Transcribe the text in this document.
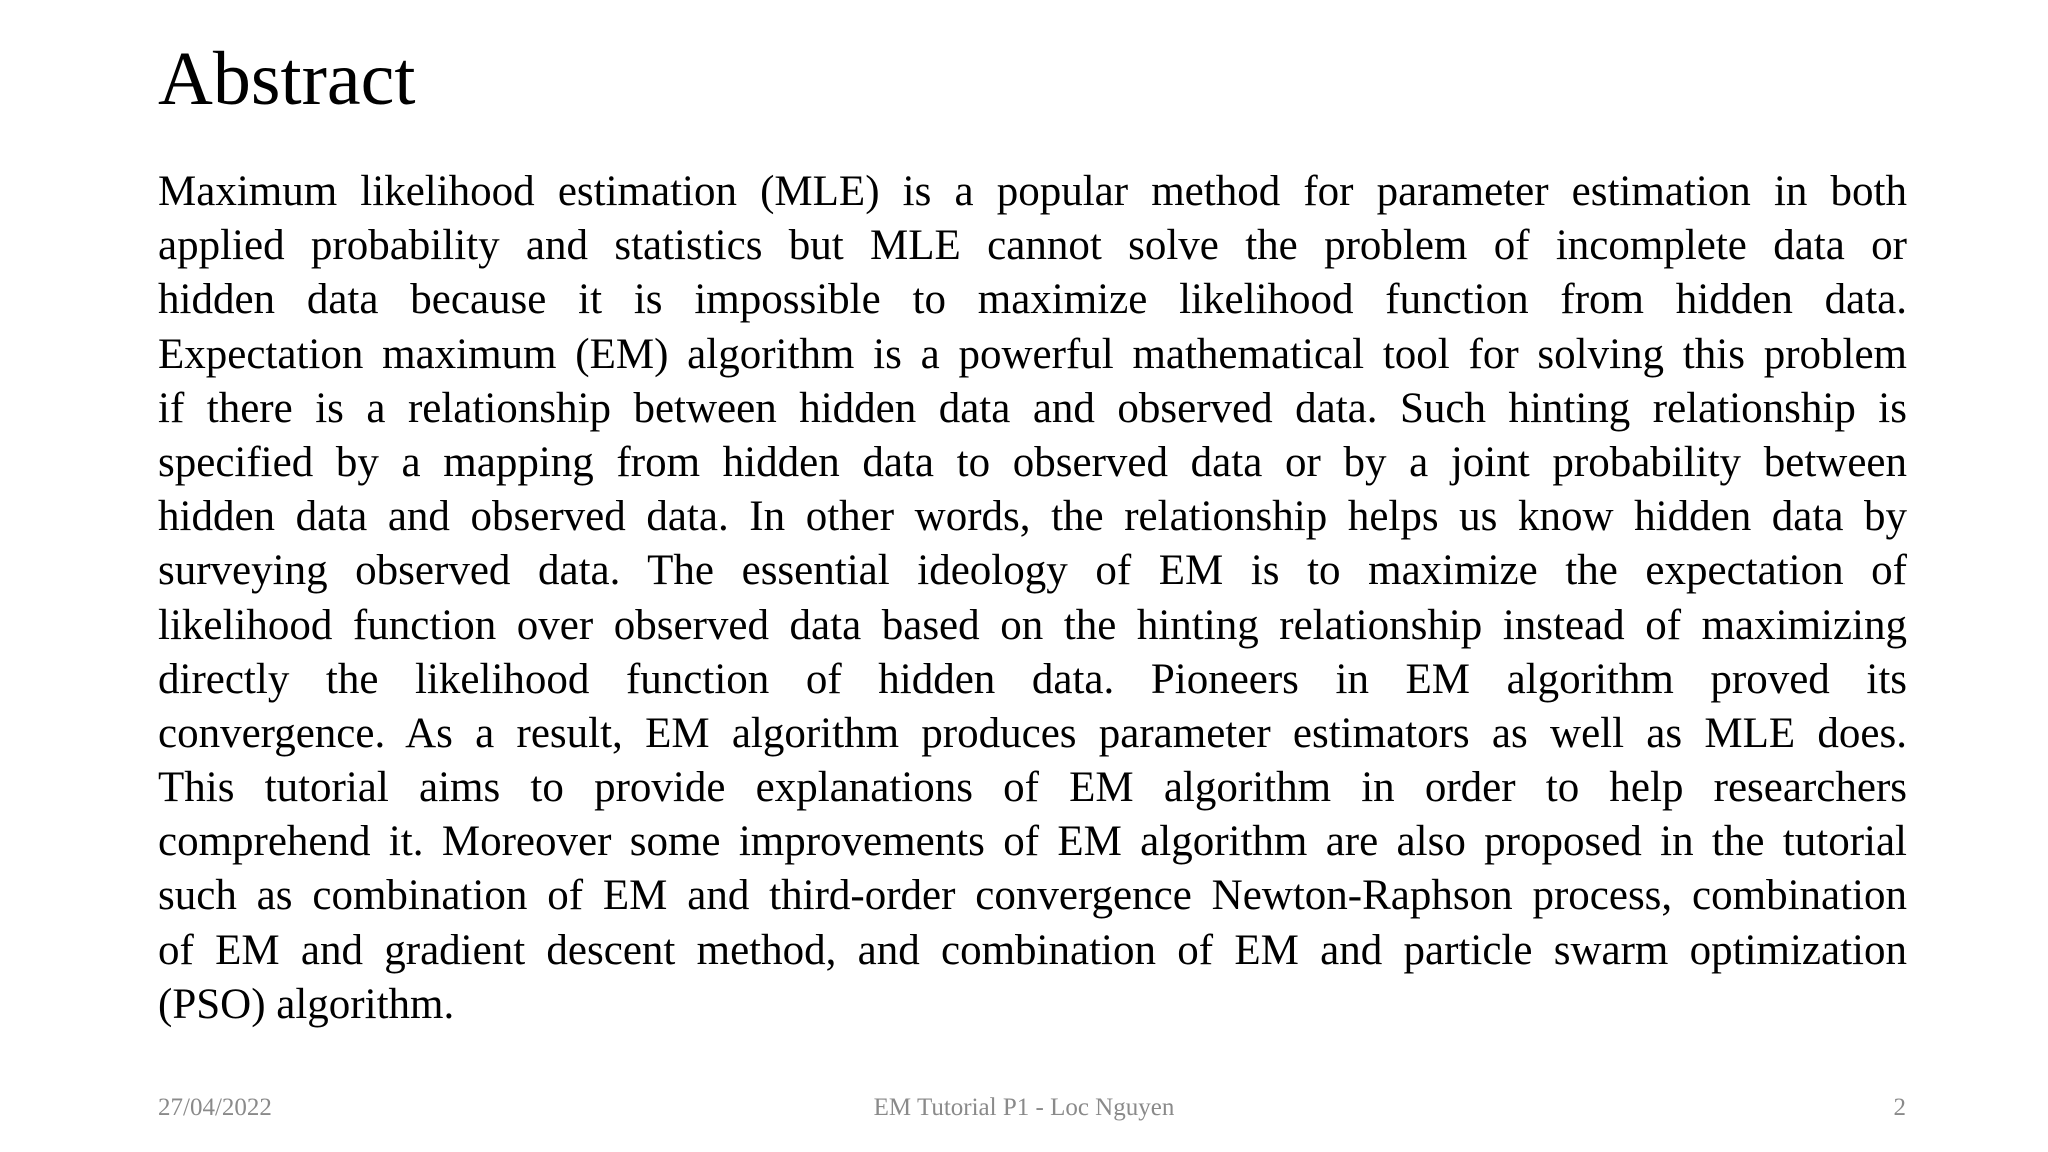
Abstract
Maximum likelihood estimation (MLE) is a popular method for parameter estimation in both
applied probability and statistics but MLE cannot solve the problem of incomplete data or
hidden data because it is impossible to maximize likelihood function from hidden data.
Expectation maximum (EM) algorithm is a powerful mathematical tool for solving this problem
if there is a relationship between hidden data and observed data. Such hinting relationship is
specified by a mapping from hidden data to observed data or by a joint probability between
hidden data and observed data. In other words, the relationship helps us know hidden data by
surveying observed data. The essential ideology of EM is to maximize the expectation of
likelihood function over observed data based on the hinting relationship instead of maximizing
directly the likelihood function of hidden data. Pioneers in EM algorithm proved its
convergence. As a result, EM algorithm produces parameter estimators as well as MLE does.
This tutorial aims to provide explanations of EM algorithm in order to help researchers
comprehend it. Moreover some improvements of EM algorithm are also proposed in the tutorial
such as combination of EM and third-order convergence Newton-Raphson process, combination
of EM and gradient descent method, and combination of EM and particle swarm optimization
(PSO) algorithm.
27/04/2022	EM Tutorial P1 - Loc Nguyen	2
